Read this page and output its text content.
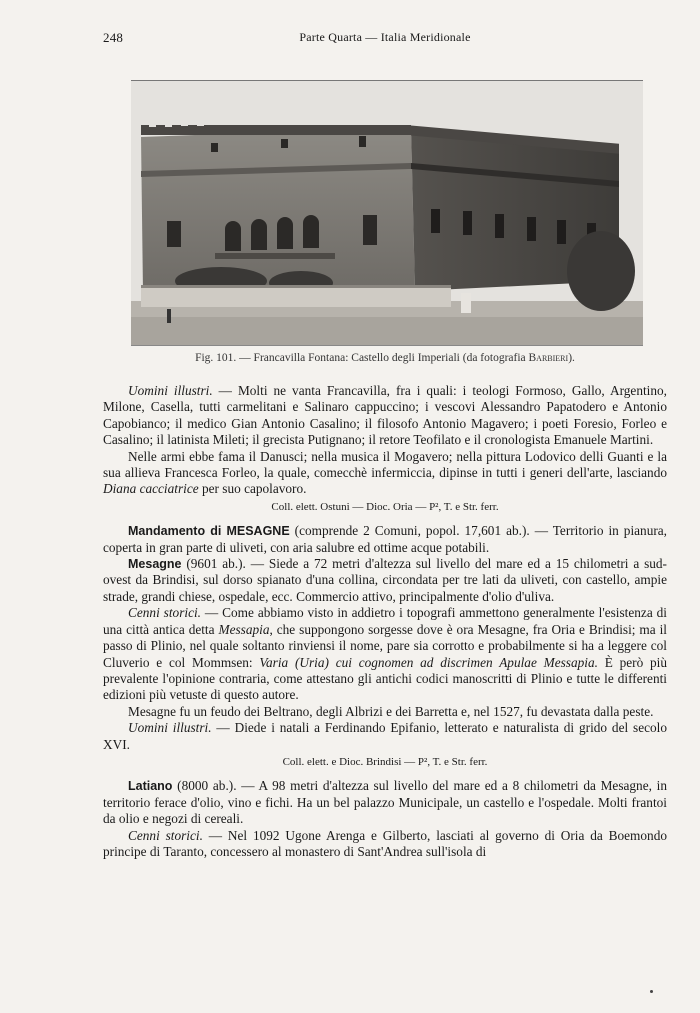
248	Parte Quarta — Italia Meridionale
Fig. 101. — Francavilla Fontana: Castello degli Imperiali (da fotografia Barbieri).

Uomini illustri. — Molti ne vanta Francavilla, fra i quali: i teologi Formoso, Gallo, Argentino, Milone, Casella, tutti carmelitani e Salinaro cappuccino; i vescovi Alessandro Papatodero e Antonio Capobianco; il medico Gian Antonio Casalino; il filosofo Antonio Magavero; i poeti Foresio, Forleo e Casalino; il latinista Mileti; il grecista Putignano; il retore Teofilato e il cronologista Emanuele Martini.

Nelle armi ebbe fama il Danusci; nella musica il Mogavero; nella pittura Lodovico delli Guanti e la sua allieva Francesca Forleo, la quale, comecchè infermiccia, dipinse in tutti i generi dell'arte, lasciando Diana cacciatrice per suo capolavoro.

Coll. elett. Ostuni — Dioc. Oria — P², T. e Str. ferr.

Mandamento di MESAGNE (comprende 2 Comuni, popol. 17,601 ab.). — Territorio in pianura, coperta in gran parte di uliveti, con aria salubre ed ottime acque potabili.

Mesagne (9601 ab.). — Siede a 72 metri d'altezza sul livello del mare ed a 15 chilometri a sud-ovest da Brindisi, sul dorso spianato d'una collina, circondata per tre lati da uliveti, con castello, ampie strade, grandi chiese, ospedale, ecc. Commercio attivo, principalmente d'olio d'uliva.

Cenni storici. — Come abbiamo visto in addietro i topografi ammettono generalmente l'esistenza di una città antica detta Messapia, che suppongono sorgesse dove è ora Mesagne, fra Oria e Brindisi; ma il passo di Plinio, nel quale soltanto rinviensi il nome, pare sia corrotto e probabilmente si ha a leggere col Cluverio e col Mommsen: Varia (Uria) cui cognomen ad discrimen Apulae Messapia. È però più prevalente l'opinione contraria, come attestano gli antichi codici manoscritti di Plinio e tutte le differenti edizioni più vetuste di questo autore.

Mesagne fu un feudo dei Beltrano, degli Albrizi e dei Barretta e, nel 1527, fu devastata dalla peste.

Uomini illustri. — Diede i natali a Ferdinando Epifanio, letterato e naturalista di grido del secolo XVI.

Coll. elett. e Dioc. Brindisi — P², T. e Str. ferr.

Latiano (8000 ab.). — A 98 metri d'altezza sul livello del mare ed a 8 chilometri da Mesagne, in territorio ferace d'olio, vino e fichi. Ha un bel palazzo Municipale, un castello e l'ospedale. Molti frantoi da olio e negozi di cereali.

Cenni storici. — Nel 1092 Ugone Arenga e Gilberto, lasciati al governo di Oria da Boemondo principe di Taranto, concessero al monastero di Sant'Andrea sull'isola di
